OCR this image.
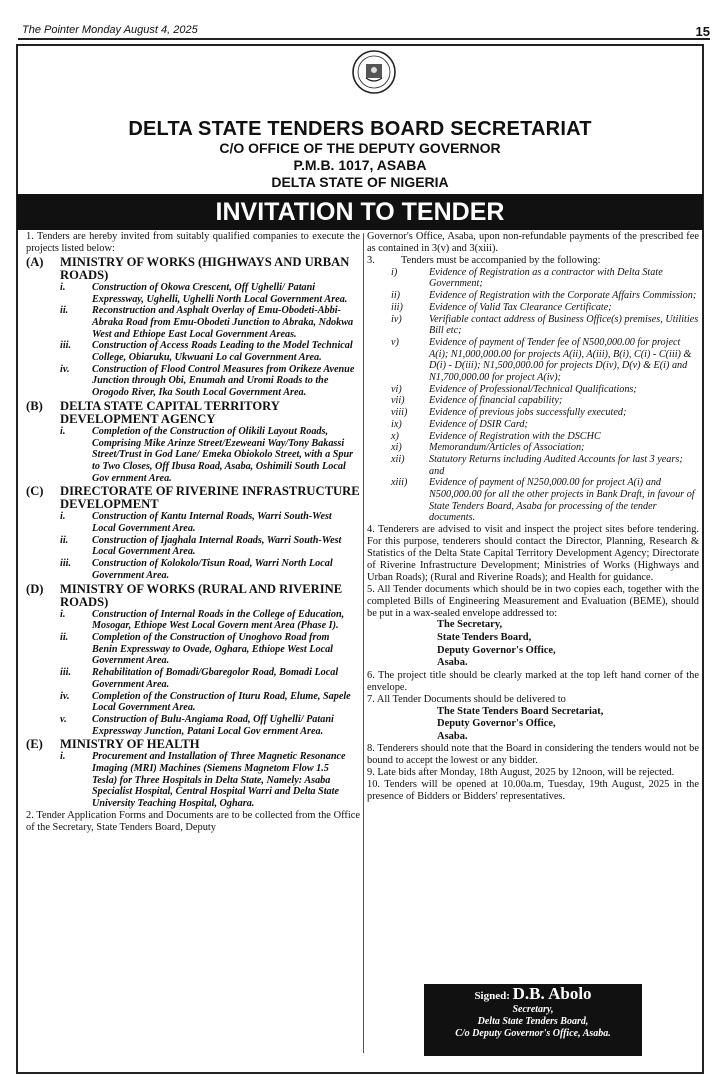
The Pointer Monday August 4, 2025	15
DELTA STATE TENDERS BOARD SECRETARIAT
C/O OFFICE OF THE DEPUTY GOVERNOR
P.M.B. 1017, ASABA
DELTA STATE OF NIGERIA
INVITATION TO TENDER

1. Tenders are hereby invited from suitably qualified companies to execute the projects listed below:

(A)	MINISTRY OF WORKS (HIGHWAYS AND URBAN ROADS)
i.	Construction of Okowa Crescent, Off Ughelli/ Patani Expressway, Ughelli, Ughelli North Local Government Area.
ii.	Reconstruction and Asphalt Overlay of Emu-Obodeti-Abbi-Abraka Road from Emu-Obodeti Junction to Abraka, Ndokwa West and Ethiope East Local Government Areas.
iii.	Construction of Access Roads Leading to the Model Technical College, Obiaruku, Ukwuani Lo cal Government Area.
iv.	Construction of Flood Control Measures from Orikeze Avenue Junction through Obi, Enumah and Uromi Roads to the Orogodo River, Ika South Local Government Area.
(B)	DELTA STATE CAPITAL TERRITORY DEVELOPMENT AGENCY
i.	Completion of the Construction of Olikili Layout Roads, Comprising Mike Arinze Street/Ezeweani Way/Tony Bakassi Street/Trust in God Lane/ Emeka Obiokolo Street, with a Spur to Two Closes, Off Ibusa Road, Asaba, Oshimili South Local Gov ernment Area.
(C)	DIRECTORATE OF RIVERINE INFRASTRUCTURE DEVELOPMENT
i.	Construction of Kantu Internal Roads, Warri South-West Local Government Area.
ii.	Construction of Ijaghala Internal Roads, Warri South-West Local Government Area.
iii.	Construction of Kolokolo/Tisun Road, Warri North Local Government Area.
(D)	MINISTRY OF WORKS (RURAL AND RIVERINE ROADS)
i.	Construction of Internal Roads in the College of Education, Mosogar, Ethiope West Local Govern ment Area (Phase I).
ii.	Completion of the Construction of Unoghovo Road from Benin Expressway to Ovade, Oghara, Ethiope West Local Government Area.
iii.	Rehabilitation of Bomadi/Gbaregolor Road, Bomadi Local Government Area.
iv.	Completion of the Construction of Ituru Road, Elume, Sapele Local Government Area.
v.	Construction of Bulu-Angiama Road, Off Ughelli/ Patani Expressway Junction, Patani Local Gov ernment Area.
(E)	MINISTRY OF HEALTH
i.	Procurement and Installation of Three Magnetic Resonance Imaging (MRI) Machines (Siemens Magnetom Flow 1.5 Tesla) for Three Hospitals in Delta State, Namely: Asaba Specialist Hospital, Central Hospital Warri and Delta State University Teaching Hospital, Oghara.

2. Tender Application Forms and Documents are to be collected from the Office of the Secretary, State Tenders Board, Deputy

Governor's Office, Asaba, upon non-refundable payments of the prescribed fee as contained in 3(v) and 3(xiii).

3.	Tenders must be accompanied by the following:
i)	Evidence of Registration as a contractor with Delta State Government;
ii)	Evidence of Registration with the Corporate Affairs Commission;
iii)	Evidence of Valid Tax Clearance Certificate;
iv)	Verifiable contact address of Business Office(s) premises, Utilities Bill etc;
v)	Evidence of payment of Tender fee of N500,000.00 for project A(i); N1,000,000.00 for projects A(ii), A(iii), B(i), C(i) - C(iii) & D(i) - D(iii); N1,500,000.00 for projects D(iv), D(v) & E(i) and N1,700,000.00 for project A(iv);
vi)	Evidence of Professional/Technical Qualifications;
vii)	Evidence of financial capability;
viii)	Evidence of previous jobs successfully executed;
ix)	Evidence of DSIR Card;
x)	Evidence of Registration with the DSCHC
xi)	Memorandum/Articles of Association;
xii)	Statutory Returns including Audited Accounts for last 3 years; and
xiii)	Evidence of payment of N250,000.00 for project A(i) and N500,000.00 for all the other projects in Bank Draft, in favour of State Tenders Board, Asaba for processing of the tender documents.

4. Tenderers are advised to visit and inspect the project sites before tendering. For this purpose, tenderers should contact the Director, Planning, Research & Statistics of the Delta State Capital Territory Development Agency; Directorate of Riverine Infrastructure Development; Ministries of Works (Highways and Urban Roads); (Rural and Riverine Roads); and Health for guidance.

5. All Tender documents which should be in two copies each, together with the completed Bills of Engineering Measurement and Evaluation (BEME), should be put in a wax-sealed envelope addressed to:

The Secretary,
State Tenders Board,
Deputy Governor's Office,
Asaba.

6. The project title should be clearly marked at the top left hand corner of the envelope.

7. All Tender Documents should be delivered to

The State Tenders Board Secretariat,
Deputy Governor's Office,
Asaba.

8. Tenderers should note that the Board in considering the tenders would not be bound to accept the lowest or any bidder.

9. Late bids after Monday, 18th August, 2025 by 12noon, will be rejected.

10. Tenders will be opened at 10.00a.m, Tuesday, 19th August, 2025 in the presence of Bidders or Bidders' representatives.

Signed: D.B. Abolo
Secretary,
Delta State Tenders Board,
C/o Deputy Governor's Office, Asaba.
